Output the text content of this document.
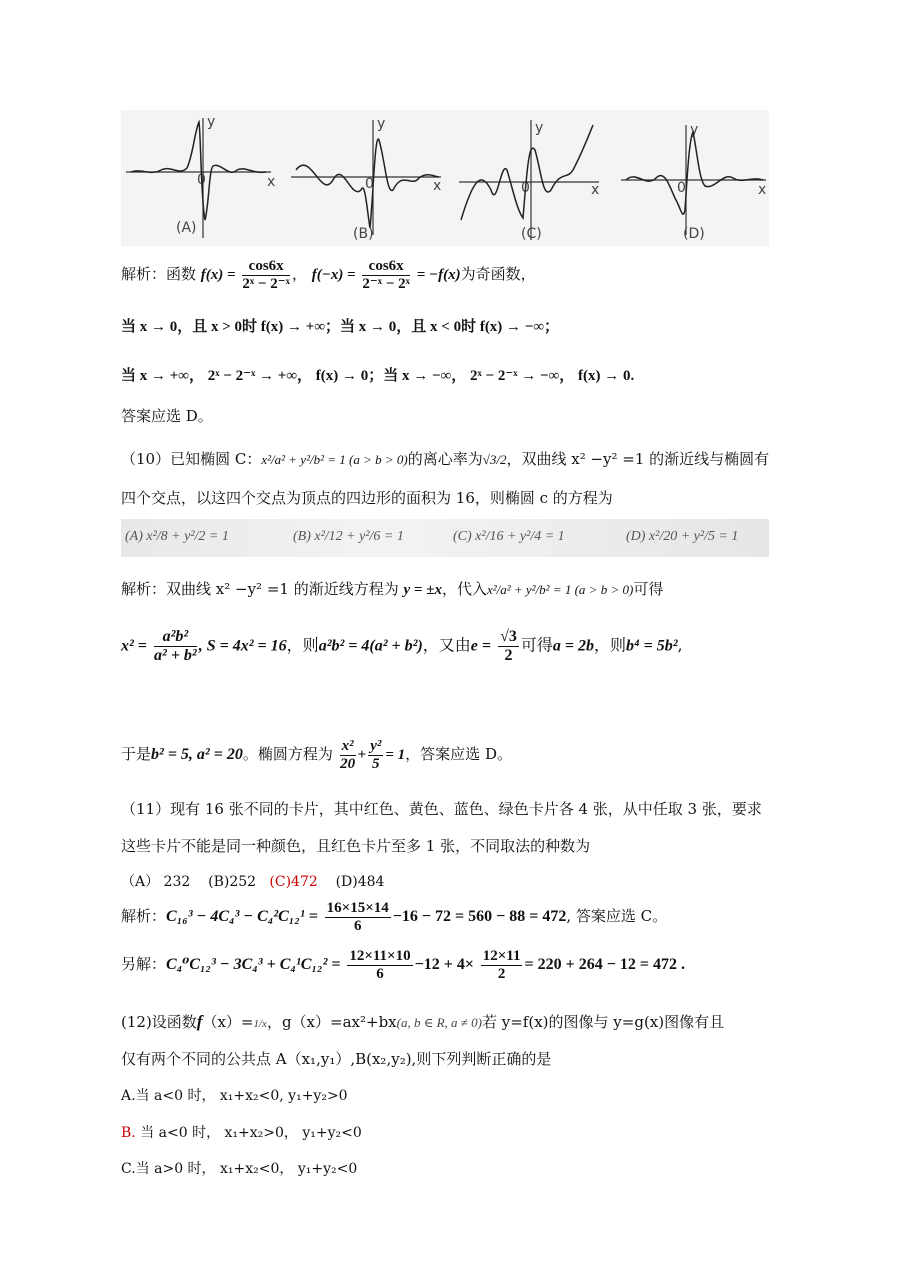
x
y
0
(A)
x
y
0
(B)
x
y
0
(C)
x
y
0
(D)
解析：函数 $f(x) = \frac{\cos 6x}{\text{2ˣ − 2⁻ˣ}}$ ， $f(-x) = \frac{\cos 6x}{\text{2⁻ˣ − 2ˣ}} = -f(x)$为奇函数，
当 x → 0，且 x > 0时 f(x) → +∞；当 x → 0，且 x < 0时 f(x) → −∞；
当 x → +∞， 2ˣ − 2⁻ˣ → +∞， f(x) → 0；当 x → −∞， 2ˣ − 2⁻ˣ → −∞， f(x) → 0.
答案应选 D。
（10）已知椭圆 C：x²/a² + y²/b² = 1 (a > b > 0)的离心率为√3/2，双曲线 x² −y² =1 的渐近线与椭圆有
四个交点，以这四个交点为顶点的四边形的面积为 16，则椭圆 c 的方程为
(A) x²/8 + y²/2 = 1	(B) x²/12 + y²/6 = 1	(C) x²/16 + y²/4 = 1	(D) x²/20 + y²/5 = 1
解析：双曲线 x² −y² =1 的渐近线方程为 y = ±x，代入x²/a² + y²/b² = 1 (a > b > 0)可得
$x^2 = \frac{\text{a²b²}}{\text{a² + b²}}$ , S = 4x² = 16，则a²b² = 4(a² + b²)，又由$e = \frac{√3}{2}$ 可得a = 2b，则b⁴ = 5b²,
于是b² = 5, a² = 20。椭圆方程为 $\frac{\text{x²}}{20} + \frac{\text{y²}}{5} = 1$，答案应选 D。
（11）现有 16 张不同的卡片，其中红色、黄色、蓝色、绿色卡片各 4 张，从中任取 3 张，要求
这些卡片不能是同一种颜色，且红色卡片至多 1 张，不同取法的种数为
（A） 232 (B)252 (C)472 (D)484
解析：$C_{16}^3 - 4C_4^3 - C_4^2C_{12}^1 = \frac{16\times 15\times 14}{6} -16 - 72 = 560 - 88 = 472$, 答案应选 C。
另解：$C_4^0C_{12}^3 - 3C_4^3 + C_4^1C_{12}^2 = \frac{12\times 11\times 10}{6} -12 + 4\times \frac{12\times 11}{2} = 220 + 264 - 12 = 472$ .
(12)设函数f（x）=1/x，g（x）=ax²+bx(a, b ∈ R, a ≠ 0)若 y=f(x)的图像与 y=g(x)图像有且
仅有两个不同的公共点 A（x₁,y₁）,B(x₂,y₂),则下列判断正确的是
A.当 a<0 时， x₁+x₂<0, y₁+y₂>0
B. 当 a<0 时， x₁+x₂>0， y₁+y₂<0
C.当 a>0 时， x₁+x₂<0， y₁+y₂<0
